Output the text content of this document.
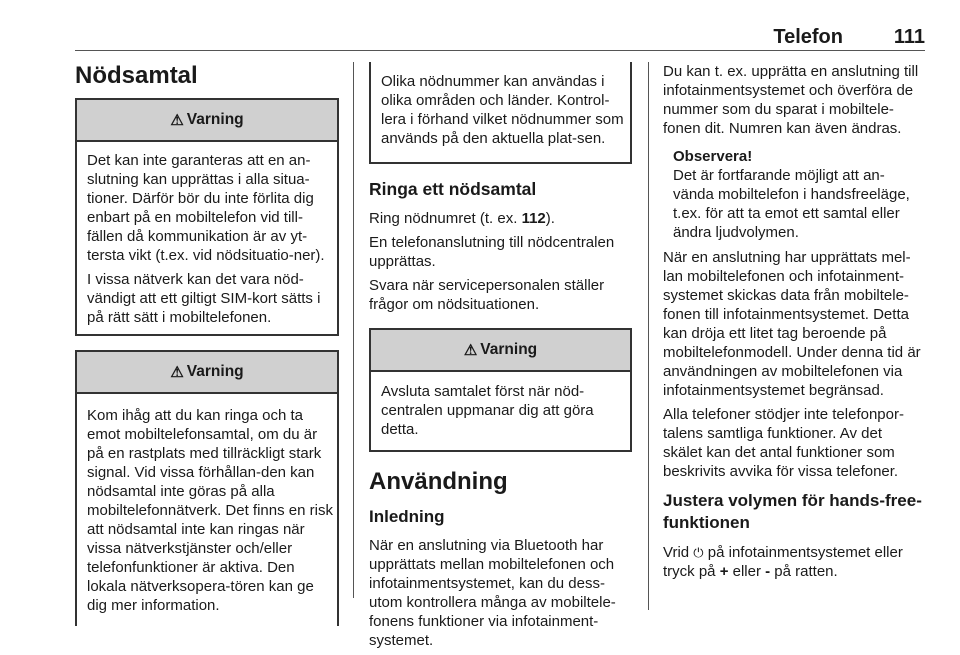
Telefon	111
Nödsamtal
⚠ Varning

Det kan inte garanteras att en an-slutning kan upprättas i alla situa-tioner. Därför bör du inte förlita dig enbart på en mobiltelefon vid till-fällen då kommunikation är av yt-tersta vikt (t.ex. vid nödsituatio-ner).

I vissa nätverk kan det vara nöd-vändigt att ett giltigt SIM-kort sätts i på rätt sätt i mobiltelefonen.

⚠ Varning

Kom ihåg att du kan ringa och ta emot mobiltelefonsamtal, om du är på en rastplats med tillräckligt stark signal. Vid vissa förhållan-den kan nödsamtal inte göras på alla mobiltelefonnätverk. Det finns en risk att nödsamtal inte kan ringas när vissa nätverkstjänster och/eller telefonfunktioner är aktiva. Den lokala nätverksopera-tören kan ge dig mer information.

Olika nödnummer kan användas i olika områden och länder. Kontrol-lera i förhand vilket nödnummer som används på den aktuella plat-sen.

Ringa ett nödsamtal

Ring nödnumret (t. ex. 112).

En telefonanslutning till nödcentralen upprättas.

Svara när servicepersonalen ställer frågor om nödsituationen.

⚠ Varning

Avsluta samtalet först när nöd-centralen uppmanar dig att göra detta.

Användning
Inledning

När en anslutning via Bluetooth har upprättats mellan mobiltelefonen och infotainmentsystemet, kan du dess-utom kontrollera många av mobiltele-fonens funktioner via infotainment-systemet.

Du kan t. ex. upprätta en anslutning till infotainmentsystemet och överföra de nummer som du sparat i mobiltele-fonen dit. Numren kan även ändras.

Observera!

Det är fortfarande möjligt att an-vända mobiltelefon i handsfreeläge, t.ex. för att ta emot ett samtal eller ändra ljudvolymen.

När en anslutning har upprättats mel-lan mobiltelefonen och infotainment-systemet skickas data från mobiltele-fonen till infotainmentsystemet. Detta kan dröja ett litet tag beroende på mobiltelefonmodell. Under denna tid är användningen av mobiltelefonen via infotainmentsystemet begränsad.

Alla telefoner stödjer inte telefonpor-talens samtliga funktioner. Av det skälet kan det antal funktioner som beskrivits avvika för vissa telefoner.

Justera volymen för hands-free-funktionen

Vrid ⏻ på infotainmentsystemet eller tryck på + eller - på ratten.
